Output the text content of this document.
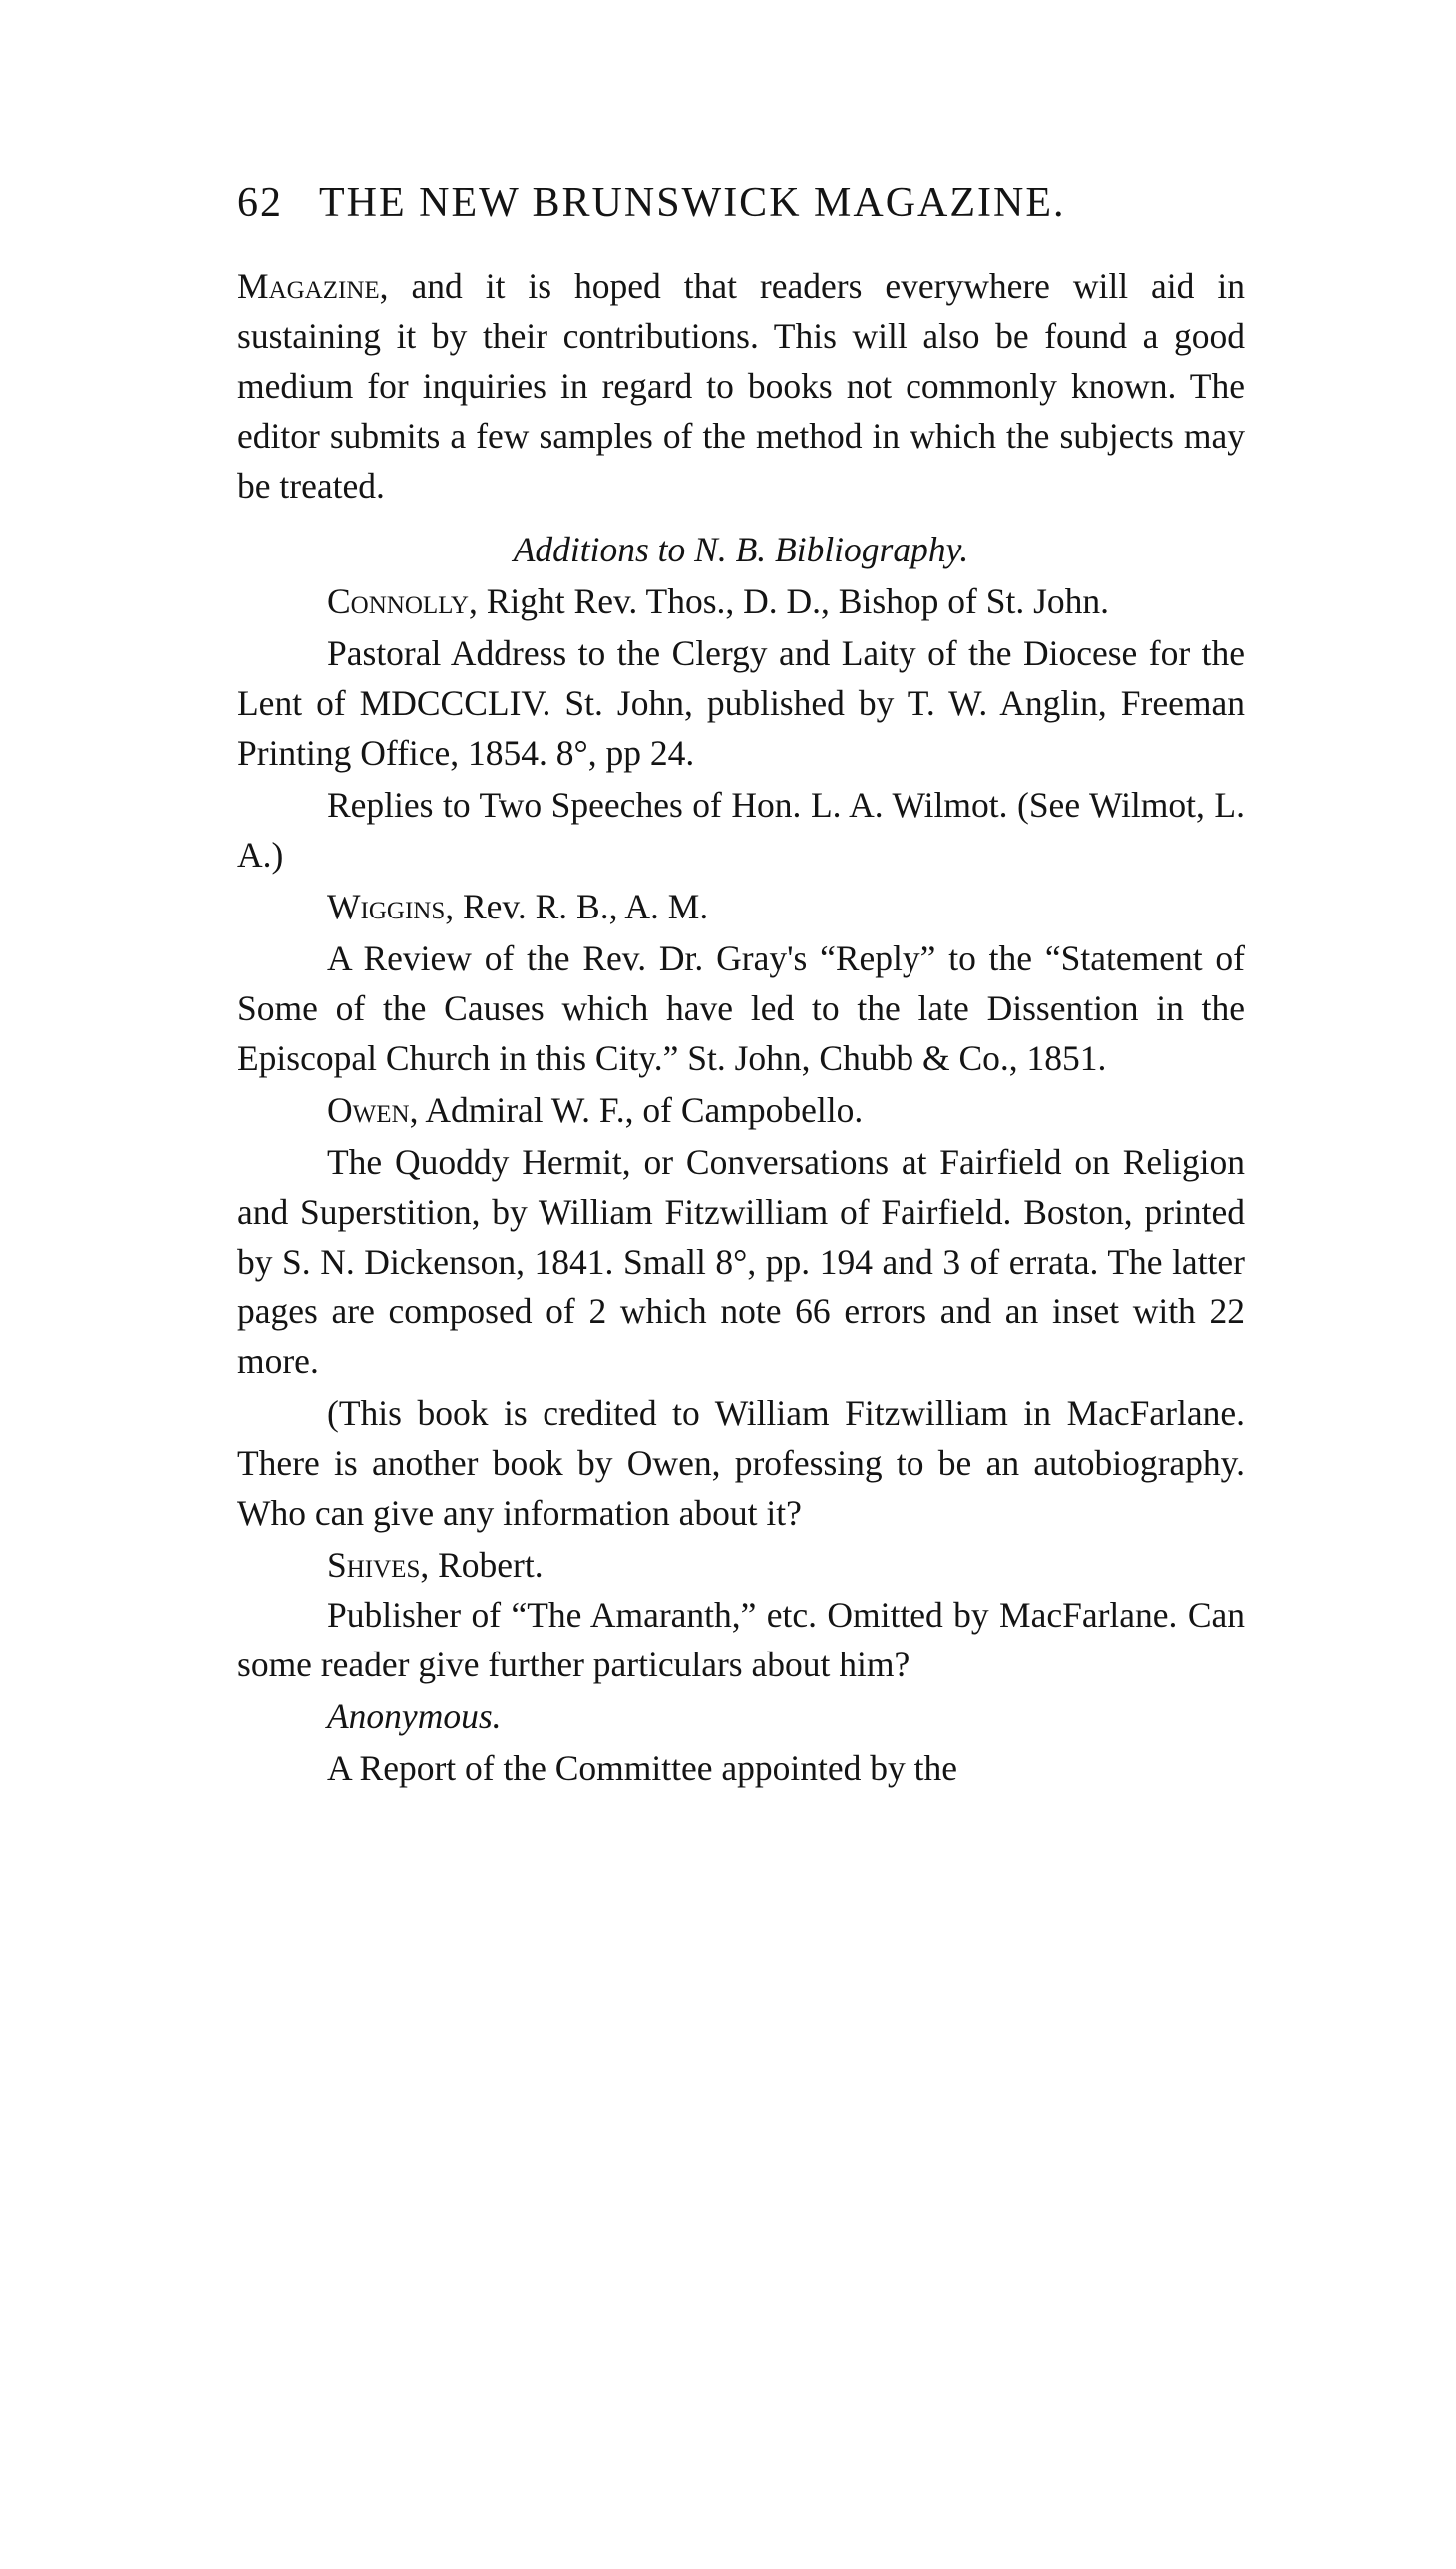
62 THE NEW BRUNSWICK MAGAZINE.

Magazine, and it is hoped that readers everywhere will aid in sustaining it by their contributions. This will also be found a good medium for inquiries in regard to books not commonly known. The editor submits a few samples of the method in which the subjects may be treated.

Additions to N. B. Bibliography.

Connolly, Right Rev. Thos., D. D., Bishop of St. John.

Pastoral Address to the Clergy and Laity of the Diocese for the Lent of MDCCCLIV. St. John, published by T. W. Anglin, Freeman Printing Office, 1854. 8°, pp 24.

Replies to Two Speeches of Hon. L. A. Wilmot. (See Wilmot, L. A.)

Wiggins, Rev. R. B., A. M.

A Review of the Rev. Dr. Gray's “Reply” to the “Statement of Some of the Causes which have led to the late Dissention in the Episcopal Church in this City.” St. John, Chubb & Co., 1851.

Owen, Admiral W. F., of Campobello.

The Quoddy Hermit, or Conversations at Fairfield on Religion and Superstition, by William Fitzwilliam of Fairfield. Boston, printed by S. N. Dickenson, 1841. Small 8°, pp. 194 and 3 of errata. The latter pages are composed of 2 which note 66 errors and an inset with 22 more.

(This book is credited to William Fitzwilliam in MacFarlane. There is another book by Owen, professing to be an autobiography. Who can give any information about it?

Shives, Robert.

Publisher of “The Amaranth,” etc. Omitted by MacFarlane. Can some reader give further particulars about him?

Anonymous.

A Report of the Committee appointed by the
